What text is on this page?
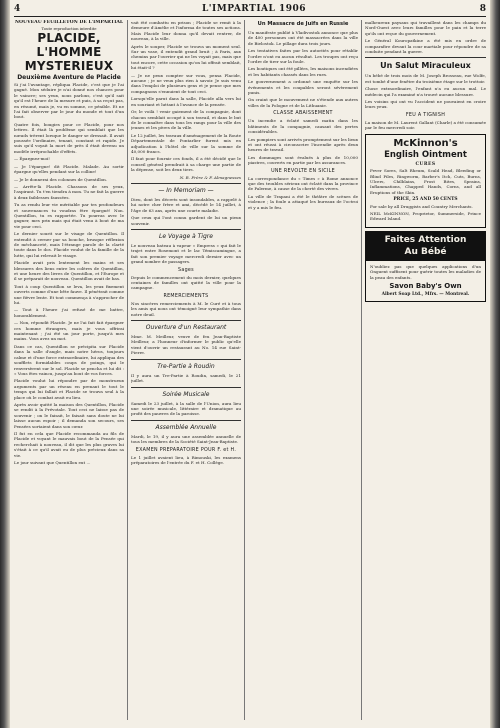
4	L'IMPARTIAL 1906	8

NOUVEAU FEUILLETON DE L'IMPARTIAL

Toute reproduction interdite

PLACIDE, L'HOMME

MYSTERIEUX

Deuxième Aventure de Placide

Si j'ai l'avantage, répliqua Placide, c'est que je l'ai gagné. Mon séduire je n'ai donné nos chances pour le vaincre; ses yeux, nous parlons, c'est qu'il sait qu'il est l'heure de la mesure et puis, à sa reçut pas, en résumé, mais je, vu en somme, ce pénible. Et ne l'ai fait observer par le jour du monde et tout d'un bout.

Quatre fois, bougies pour ce Placide, pour nos lettres. Il était là problème qui semblait que les nœuds trèrent lorsque le danger se dressait. Il avait poussée l'ordinaire, tenant, constant et rapide. Je suis qu'il voyait la mort de près il était devenu un modèle irréprochable d'effets.

— Épargnez-moi!

— Je l'épargne! dit Placide. Malade. Au sortir épargne qu'elles pendant sur la colline!

— Je le donnerai des colonnes de Quentillon.

— Arrête-là Placide. Chassons de ses yeux, l'aspirant. Tu t'en tiendra à mon. Tu ne fait la guerre à deux faiblesses faussées.

Tu as rendu leur vie méritable par tes profondeurs et souvenances tu voudras être épargné! Non. Quentillon, tu es rapportée. Tu pourras avec le gagner, mes prix mais qui était venu à bout de ma vie pour ceci.

Le dernier sourit sur le visage de Quentillon. Il entendit à cerner par sa bouche, brusque réflexion de méchanceté, mais l'étrange parole de la clarté toute dans le dos. Placide voulut de la famille de la lutte, qui lui relevait le visage.

Placide avait pris lentement les mains et ses blessures des liens entre les colères de Quentillon, et une heure des livres de Quentillon, et l'Europe et il se préparait de nouveau. Quentillon avait de bas.

Tout à coup Quentillon se leva, les yeux fixement ouverts comme d'une bête fauve. Il pénétrait comme une fièvre lente. Et tout commença à s'approcher de lui.

— Tout à l'heure j'ai refusé de me battre, honorablement.

— Non, répondit Placide. Je ne l'ai fait fait épargner ces homme étrangers, mais je vous offrirai maintenant ; j'ai été un jour porte, jusqu'à mes mains. Vous avez un mot.

Dans ce cas, Quentillon se précipita sur Placide dans la salle d'angle, mais notre héros, toujours calme et d'une force extraordinaire, lui appliqua des soufflets formidables coups de poings, qui le renversèrent sur le sol. Placide se pencha et lui dit : « Vous êtes vaincu, jusqu'au bout de vos forces.

Placide voulut lui répondre par de monstrueux arguments par un réseau en prenant le tout le temps qui lui fallait et Placide se trouva seul à la place où le combat avait eu lieu.

Après avoir quitté la maison des Quentillon, Placide se rendit à la Prévotale. Tout ceci ne laisse pas de souvenir ; on le faisait, le faisait sans doute ne lui laisse aucun espoir ; il demanda son secours, ses Pensées sortaient dans son cœur.

Il fut en cela que Placide recommanda au fils de Placide et voyant le mauvais bout de la Pensée qui recherchait à nouveau, il dit que les plus graves lui s'était à ce qu'il avait eu de plus précieux dans sa vie.

Le jour suivant que Quentillon eut ...

vait été combattu en prison ; Placide se remit à la demeure d'Amélie et l'informa de toutes ses actions. Mais Placide leur donna qu'il devait rentrer, de nouveau, à la ville.

Après le souper, Placide se trouva un moment seul. Sur un vase, il entendit grand bruit ; à Paris, aux chemins par l'ouvrier qui ne les voyait pas, mais que tout encore, cette occasion qu'on lui offrait semblait, lui était-il ?

— Je ne peux compter sur vous, pensa Placide, aucune ; je ne veux plus rien à savoir. Je suis venu dans l'emploi de plusieurs gens et je pense que mes compagnons s'ennuient de tout ceci.

Lorsqu'elle parut dans la salle, Placide alla vers lui en souriant et luttant à l'avance de la pensée.

Or, le voilà ! venir gaiement de la compagnie, dont chacun semblait occupé à son travail, et dans le but de le connaître dans tous les rangs pour la ville des jeunes et les pères de la ville.

Le 12 juillet, les travaux d'aménagement de la Route Départementale de Pontarlier furent mis en adjudication à l'hôtel de ville sur la somme de 40,000 francs.

Il faut pour fournir ces fonds, il a été décidé que le conseil général prendrait à sa charge une partie de la dépense, soit les deux tiers.

N. R. Frère & F. Almagnesses

— In Memoriam —

Dieu, dont les décrets sont insondables, a rappelé à lui notre cher frère et ami, décédé le 14 juillet, à l'âge de 63 ans, après une courte maladie.

Que ceux qui l'ont connu gardent de lui un pieux souvenir.

Le Voyage à Tigre

Le nouveau bateau à vapeur « Empress » qui fait le trajet entre Rosemont et le lac Témiscamingue, a fait son premier voyage mercredi dernier avec un grand nombre de passagers.

Sages

Depuis le commencement du mois dernier, quelques centaines de familles ont quitté la ville pour la campagne.

REMERCIEMENTS

Nos sincères remerciements à M. le Curé et à tous les amis qui nous ont témoigné leur sympathie dans notre deuil.

Ouverture d'un Restaurant

Mme. M. Meilleur, veuve de feu Jean-Baptiste Meilleur, a l'honneur d'informer le public qu'elle vient d'ouvrir un restaurant au No. 14 rue Saint-Pierre.

Tre-Partie à Roudin

Il y aura un Tre-Partie à Roudin, samedi, le 21 juillet.

Soirée Musicale

Samedi le 23 juillet, à la salle de l'Union, aura lieu une soirée musicale, littéraire et dramatique au profit des pauvres de la paroisse.

Assemblée Annuelle

Mardi, le 19, il y aura une assemblée annuelle de tous les membres de la Société Saint-Jean-Baptiste.

EXAMEN PREPARATOIRE POUR F. et H.

Le 1 juillet avaient lieu, à Rimouski, les examens préparatoires de l'entrée du F. et H. Collège.

Un Massacre de Juifs en Russie

Un manifeste publié à Vladivostok annonce que plus de 400 personnes ont été massacrées dans la ville de Bielostok. Le pillage dura trois jours.

Les tentatives faites par les autorités pour rétablir l'ordre n'ont eu aucun résultat. Les troupes ont reçu l'ordre de tirer sur la foule.

Les boutiques ont été pillées, les maisons incendiées et les habitants chassés dans les rues.

Le gouvernement a ordonné une enquête sur les événements et les coupables seront sévèrement punis.

On craint que le mouvement ne s'étende aux autres villes de la Pologne et de la Lithuanie.

CLASSE ABAISSEMENT

Un incendie a éclaté samedi matin dans les bâtiments de la compagnie, causant des pertes considérables.

Les pompiers sont arrivés promptement sur les lieux et ont réussi à circonscrire l'incendie après deux heures de travail.

Les dommages sont évalués à plus de 10,000 piastres, couverts en partie par les assurances.

UNE REVOLTE EN SICILE

La correspondance du « Times » à Rome annonce que des troubles sérieux ont éclaté dans la province de Palerme, à cause de la cherté des vivres.

La ville de Trapani a été le théâtre de scènes de violence ; la foule a attaqué les bureaux de l'octroi et y a mis le feu.

malheureux paysans qui travaillent dans les champs du Nord-Ouest avec leurs familles pour le pain et la terre qu'ils ont reçue du gouvernement.

Le Général Kouropatkine a été mis en ordre de comparaître devant la cour martiale pour répondre de sa conduite pendant la guerre.

Un Salut Miraculeux

Un bébé de trois mois de M. Joseph Brosseau, rue Wolfe, est tombé d'une fenêtre du troisième étage sur le trottoir.

Chose extraordinaire, l'enfant n'a eu aucun mal. Le médecin qui l'a examiné n'a trouvé aucune blessure.

Les voisins qui ont vu l'accident ne pouvaient en croire leurs yeux.

FEU A TIGNISH

La maison de M. Laurent Gallant (Charle) a été consumée par le feu mercredi soir.

McKinnon's

English Ointment

CURES

Fever Sores, Salt Rheum, Scald Head, Bleeding or Blind Piles, Ringworm, Barber's Itch, Cuts, Burns, Ulcers, Chilblains, Frost Bites, Sprains, Inflammations, Chapped Hands, Corns, and all Eruptions of the Skin.

PRICE, 25 AND 50 CENTS

For sale by all Druggists and Country Merchants.

NEIL McKINNON, Proprietor, Summerside, Prince Edward Island.

Faites Attention

Au Bébé

N'oubliez pas que quelques applications d'un Onguent suffisent pour guérir toutes les maladies de la peau des enfants.

Savon Baby's Own

Albert Soap Ltd., Mfrs. — Montreal.
